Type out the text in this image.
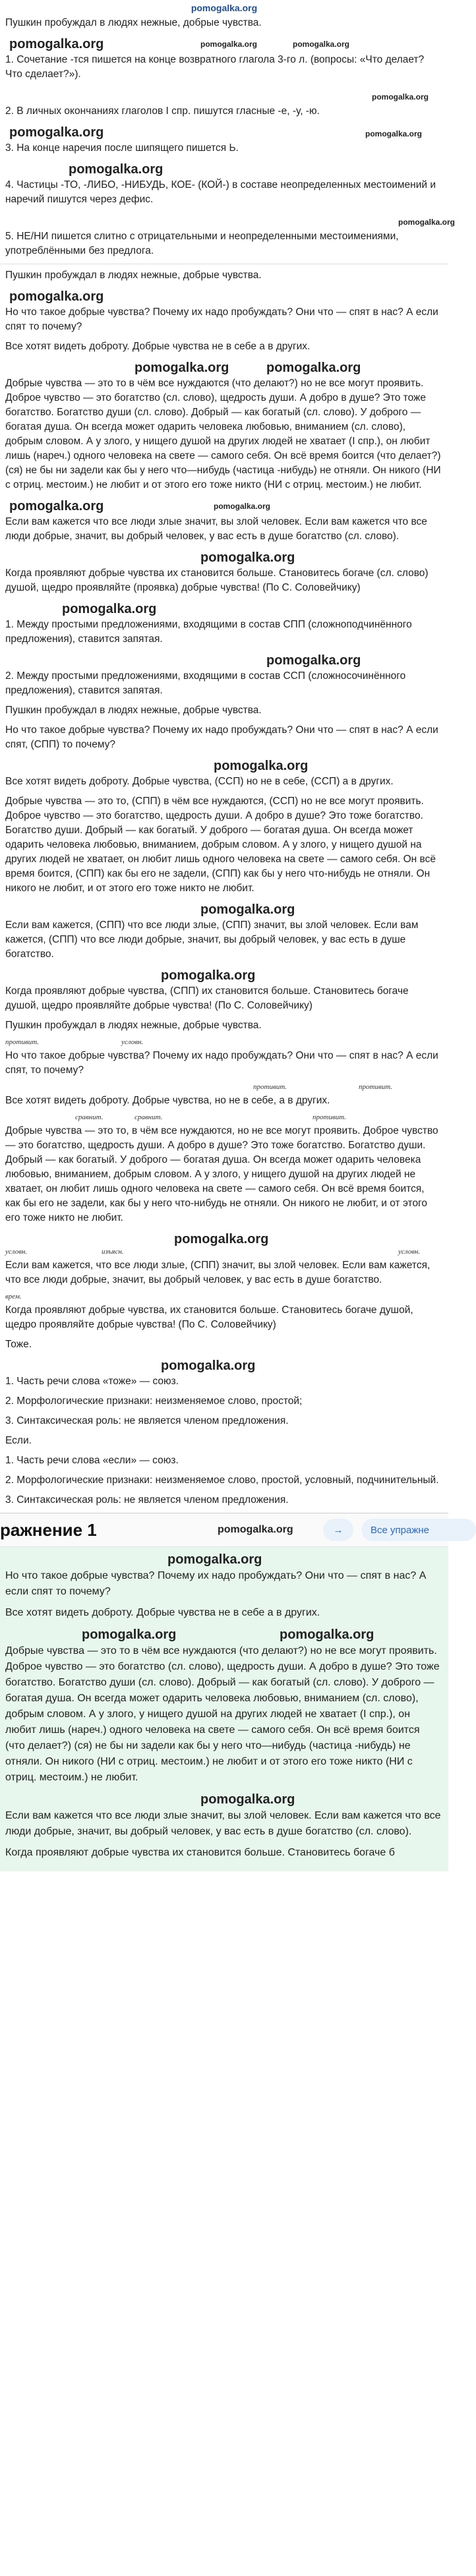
pomogalka.org

Пушкин пробуждал в людях нежные, добрые чувства.

pomogalka.org	pomogalka.org	pomogalka.org

1. Сочетание -тся пишется на конце возвратного глагола 3-го л. (вопросы: «Что делает? Что сделает?»).

pomogalka.org

2. В личных окончаниях глаголов I спр. пишутся гласные -е, -у, -ю.

pomogalka.org	pomogalka.org

3. На конце наречия после шипящего пишется Ь.

pomogalka.org

4. Частицы -ТО, -ЛИБО, -НИБУДЬ, КОЕ- (КОЙ-) в составе неопределенных местоимений и наречий пишутся через дефис.

pomogalka.org

5. НЕ/НИ пишется слитно с отрицательными и неопределенными местоимениями, употреблёнными без предлога.

Пушкин пробуждал в людях нежные, добрые чувства.

pomogalka.org

Но что такое добрые чувства? Почему их надо пробуждать? Они что — спят в нас? А если спят то почему?

Все хотят видеть доброту. Добрые чувства не в себе а в других.

pomogalka.org	pomogalka.org

Добрые чувства — это то в чём все нуждаются (что делают?) но не все могут проявить. Доброе чувство — это богатство (сл. слово), щедрость души. А добро в душе? Это тоже богатство. Богатство души (сл. слово). Добрый — как богатый (сл. слово). У доброго — богатая душа. Он всегда может одарить человека любовью, вниманием (сл. слово), добрым словом. А у злого, у нищего душой на других людей не хватает (I спр.), он любит лишь (нареч.) одного человека на свете — самого себя. Он всё время боится (что делает?) (ся) не бы ни задели как бы у него что—нибудь (частица -нибудь) не отняли. Он никого (НИ с отриц. местоим.) не любит и от этого его тоже никто (НИ с отриц. местоим.) не любит.

pomogalka.org	pomogalka.org

Если вам кажется что все люди злые значит, вы злой человек. Если вам кажется что все люди добрые, значит, вы добрый человек, у вас есть в душе богатство (сл. слово).

pomogalka.org

Когда проявляют добрые чувства их становится больше. Становитесь богаче (сл. слово) душой, щедро проявляйте (проявка) добрые чувства! (По С. Соловейчику)

pomogalka.org

1. Между простыми предложениями, входящими в состав СПП (сложноподчинённого предложения), ставится запятая.

pomogalka.org

2. Между простыми предложениями, входящими в состав ССП (сложносочинённого предложения), ставится запятая.

Пушкин пробуждал в людях нежные, добрые чувства.

Но что такое добрые чувства? Почему их надо пробуждать? Они что — спят в нас? А если спят, (СПП) то почему?

pomogalka.org

Все хотят видеть доброту. Добрые чувства, (ССП) но не в себе, (ССП) а в других.

Добрые чувства — это то, (СПП) в чём все нуждаются, (ССП) но не все могут проявить. Доброе чувство — это богатство, щедрость души. А добро в душе? Это тоже богатство. Богатство души. Добрый — как богатый. У доброго — богатая душа. Он всегда может одарить человека любовью, вниманием, добрым словом. А у злого, у нищего душой на других людей не хватает, он любит лишь одного человека на свете — самого себя. Он всё время боится, (СПП) как бы его не задели, (СПП) как бы у него что-нибудь не отняли. Он никого не любит, и от этого его тоже никто не любит.

pomogalka.org

Если вам кажется, (СПП) что все люди злые, (СПП) значит, вы злой человек. Если вам кажется, (СПП) что все люди добрые, значит, вы добрый человек, у вас есть в душе богатство.

pomogalka.org

Когда проявляют добрые чувства, (СПП) их становится больше. Становитесь богаче душой, щедро проявляйте добрые чувства! (По С. Соловейчику)

Пушкин пробуждал в людях нежные, добрые чувства.

противит.	условн.

Но что такое добрые чувства? Почему их надо пробуждать? Они что — спят в нас? А если спят, то почему?

противит.	противит.

Все хотят видеть доброту. Добрые чувства, но не в себе, а в других.

противит.
сравнит.	сравнит.

Добрые чувства — это то, в чём все нуждаются, но не все могут проявить. Доброе чувство — это богатство, щедрость души. А добро в душе? Это тоже богатство. Богатство души. Добрый — как богатый. У доброго — богатая душа. Он всегда может одарить человека любовью, вниманием, добрым словом. А у злого, у нищего душой на других людей не хватает, он любит лишь одного человека на свете — самого себя. Он всё время боится, как бы его не задели, как бы у него что-нибудь не отняли. Он никого не любит, и от этого его тоже никто не любит.

pomogalka.org
условн.	изъясн.	условн.

Если вам кажется, что все люди злые, (СПП) значит, вы злой человек. Если вам кажется, что все люди добрые, значит, вы добрый человек, у вас есть в душе богатство.

врем.

Когда проявляют добрые чувства, их становится больше. Становитесь богаче душой, щедро проявляйте добрые чувства! (По С. Соловейчику)

Тоже.

pomogalka.org

1. Часть речи слова «тоже» — союз.

2. Морфологические признаки: неизменяемое слово, простой;

3. Синтаксическая роль: не является членом предложения.

Если.

1. Часть речи слова «если» — союз.

2. Морфологические признаки: неизменяемое слово, простой, условный, подчинительный.

3. Синтаксическая роль: не является членом предложения.

ражнение 1	pomogalka.org	→	Все упражне
pomogalka.org

Но что такое добрые чувства? Почему их надо пробуждать? Они что — спят в нас? А если спят то почему?

Все хотят видеть доброту. Добрые чувства не в себе а в других.

pomogalka.org	pomogalka.org

Добрые чувства — это то в чём все нуждаются (что делают?) но не все могут проявить. Доброе чувство — это богатство (сл. слово), щедрость души. А добро в душе? Это тоже богатство. Богатство души (сл. слово). Добрый — как богатый (сл. слово). У доброго — богатая душа. Он всегда может одарить человека любовью, вниманием (сл. слово), добрым словом. А у злого, у нищего душой на других людей не хватает (I спр.), он любит лишь (нареч.) одного человека на свете — самого себя. Он всё время боится (что делает?) (ся) не бы ни задели как бы у него что—нибудь (частица -нибудь) не отняли. Он никого (НИ с отриц. местоим.) не любит и от этого его тоже никто (НИ с отриц. местоим.) не любит.

pomogalka.org

Если вам кажется что все люди злые значит, вы злой человек. Если вам кажется что все люди добрые, значит, вы добрый человек, у вас есть в душе богатство (сл. слово).

Когда проявляют добрые чувства их становится больше. Становитесь богаче б
